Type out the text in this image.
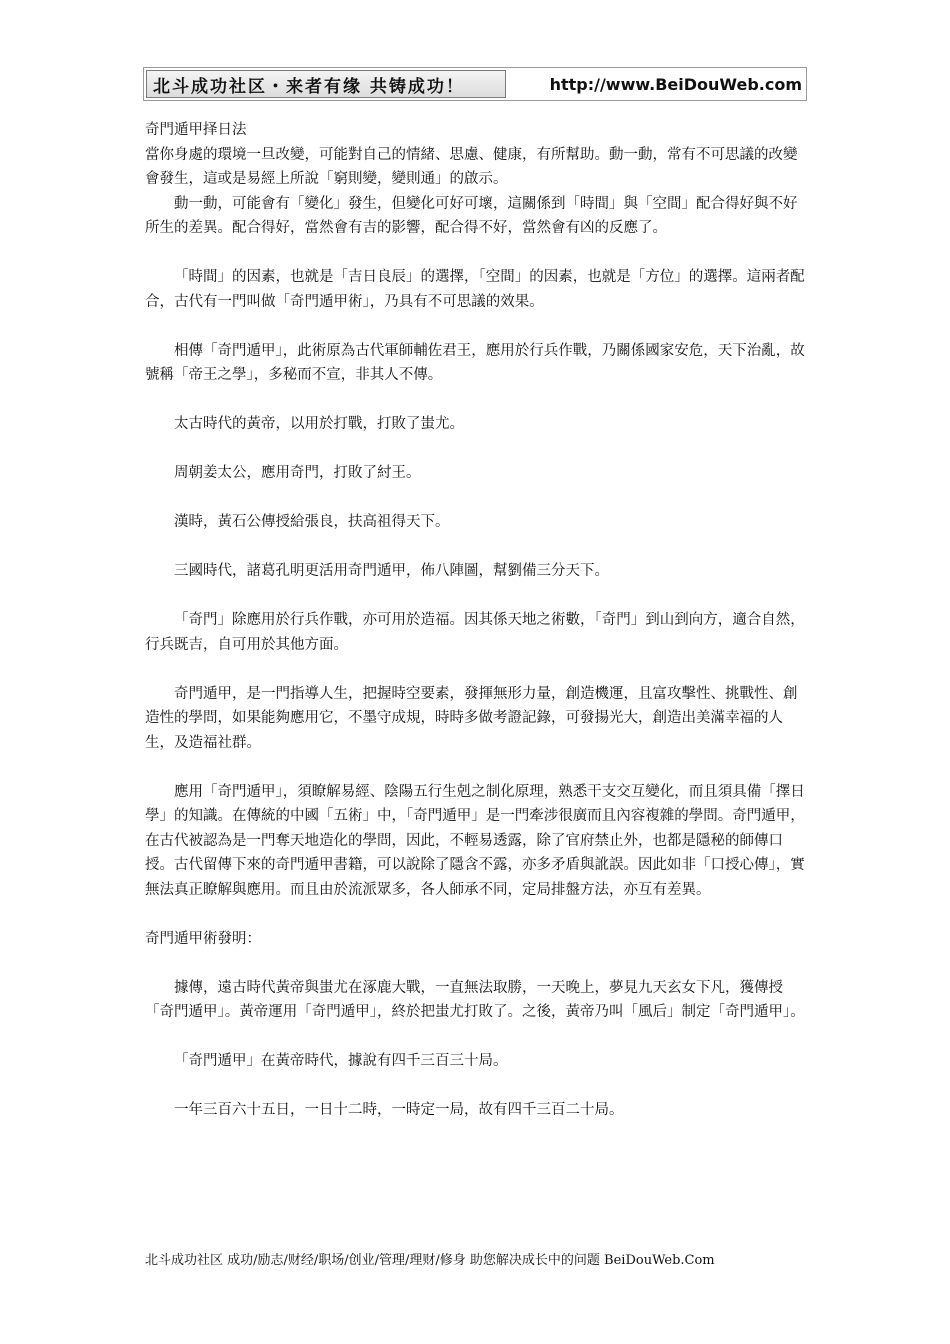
北斗成功社区・来者有缘 共铸成功！	http://www.BeiDouWeb.com

奇門遁甲择日法

當你身處的環境一旦改變，可能對自己的情緒、思慮、健康，有所幫助。動一動，常有不可思議的改變會發生，這或是易經上所說「窮則變，變則通」的啟示。

動一動，可能會有「變化」發生，但變化可好可壞，這關係到「時間」與「空間」配合得好與不好所生的差異。配合得好，當然會有吉的影響，配合得不好，當然會有凶的反應了。

「時間」的因素，也就是「吉日良辰」的選擇，「空間」的因素，也就是「方位」的選擇。這兩者配合，古代有一門叫做「奇門遁甲術」，乃具有不可思議的效果。

相傳「奇門遁甲」，此術原為古代軍師輔佐君王，應用於行兵作戰，乃關係國家安危，天下治亂，故號稱「帝王之學」，多秘而不宣，非其人不傳。

太古時代的黃帝，以用於打戰，打敗了蚩尤。

周朝姜太公，應用奇門，打敗了紂王。

漢時，黃石公傳授給張良，扶高祖得天下。

三國時代，諸葛孔明更活用奇門遁甲，佈八陣圖，幫劉備三分天下。

「奇門」除應用於行兵作戰，亦可用於造福。因其係天地之術數，「奇門」到山到向方，適合自然，行兵既吉，自可用於其他方面。

奇門遁甲，是一門指導人生，把握時空要素，發揮無形力量，創造機運，且富攻擊性、挑戰性、創造性的學問，如果能夠應用它，不墨守成規，時時多做考證記錄，可發揚光大，創造出美滿幸福的人生，及造福社群。

應用「奇門遁甲」，須瞭解易經、陰陽五行生剋之制化原理，熟悉干支交互變化，而且須具備「擇日學」的知識。在傳統的中國「五術」中，「奇門遁甲」是一門牽涉很廣而且內容複雜的學問。奇門遁甲，在古代被認為是一門奪天地造化的學問，因此，不輕易透露，除了官府禁止外，也都是隱秘的師傳口授。古代留傳下來的奇門遁甲書籍，可以說除了隱含不露，亦多矛盾與訛誤。因此如非「口授心傳」，實無法真正瞭解與應用。而且由於流派眾多，各人師承不同，定局排盤方法，亦互有差異。

奇門遁甲術發明：

據傳，遠古時代黃帝與蚩尤在涿鹿大戰，一直無法取勝，一天晚上，夢見九天玄女下凡，獲傳授「奇門遁甲」。黃帝運用「奇門遁甲」，終於把蚩尤打敗了。之後，黃帝乃叫「風后」制定「奇門遁甲」。

「奇門遁甲」在黃帝時代，據說有四千三百三十局。

一年三百六十五日，一日十二時，一時定一局，故有四千三百二十局。

北斗成功社区 成功/励志/财经/职场/创业/管理/理财/修身 助您解决成长中的问题 BeiDouWeb.Com
